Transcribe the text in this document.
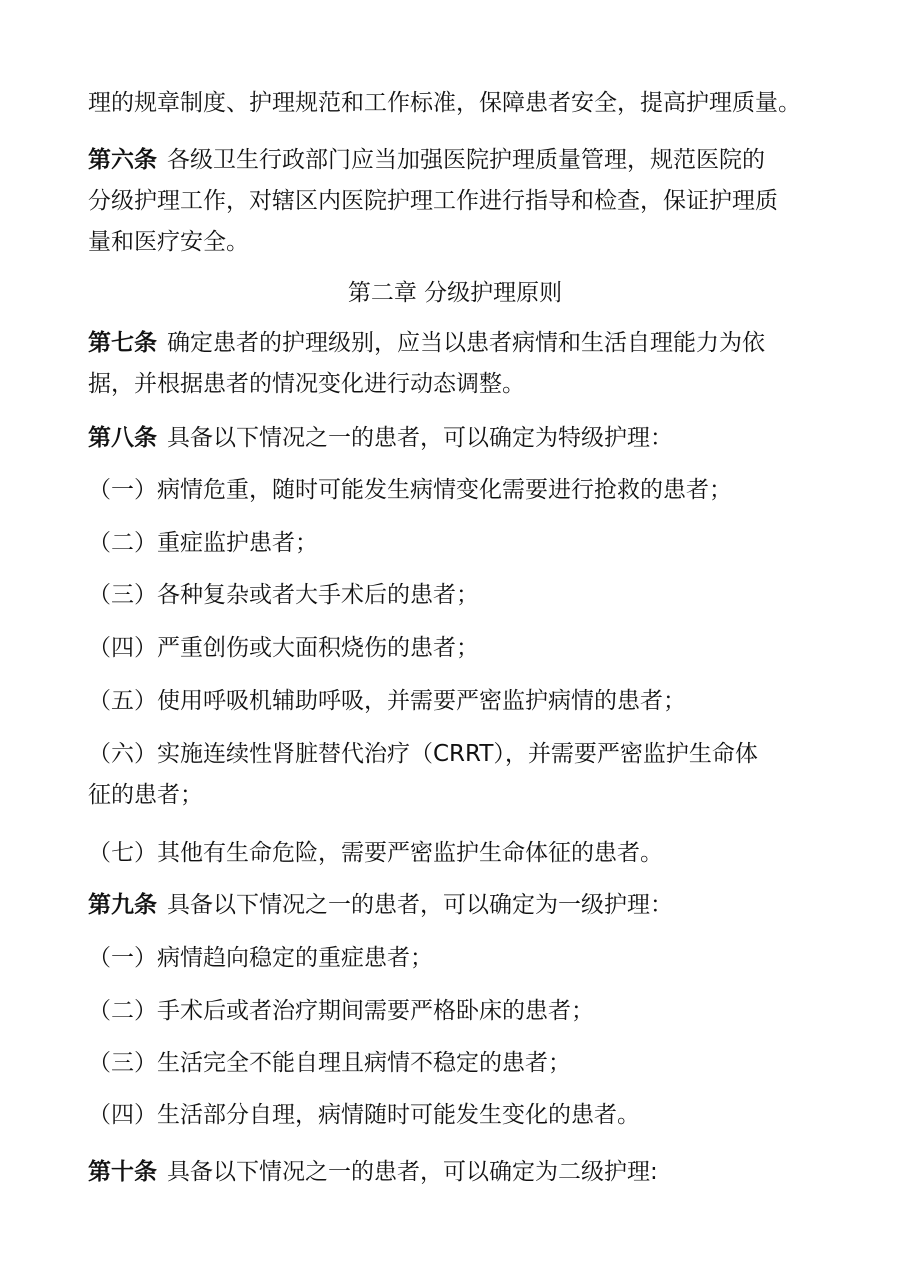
理的规章制度、护理规范和工作标准，保障患者安全，提高护理质量。
第六条 各级卫生行政部门应当加强医院护理质量管理，规范医院的
分级护理工作，对辖区内医院护理工作进行指导和检查，保证护理质
量和医疗安全。
第二章 分级护理原则
第七条 确定患者的护理级别，应当以患者病情和生活自理能力为依
据，并根据患者的情况变化进行动态调整。
第八条 具备以下情况之一的患者，可以确定为特级护理：
（一）病情危重，随时可能发生病情变化需要进行抢救的患者；
（二）重症监护患者；
（三）各种复杂或者大手术后的患者；
（四）严重创伤或大面积烧伤的患者；
（五）使用呼吸机辅助呼吸，并需要严密监护病情的患者；
（六）实施连续性肾脏替代治疗（CRRT），并需要严密监护生命体
征的患者；
（七）其他有生命危险，需要严密监护生命体征的患者。
第九条 具备以下情况之一的患者，可以确定为一级护理：
（一）病情趋向稳定的重症患者；
（二）手术后或者治疗期间需要严格卧床的患者；
（三）生活完全不能自理且病情不稳定的患者；
（四）生活部分自理，病情随时可能发生变化的患者。
第十条 具备以下情况之一的患者，可以确定为二级护理:
